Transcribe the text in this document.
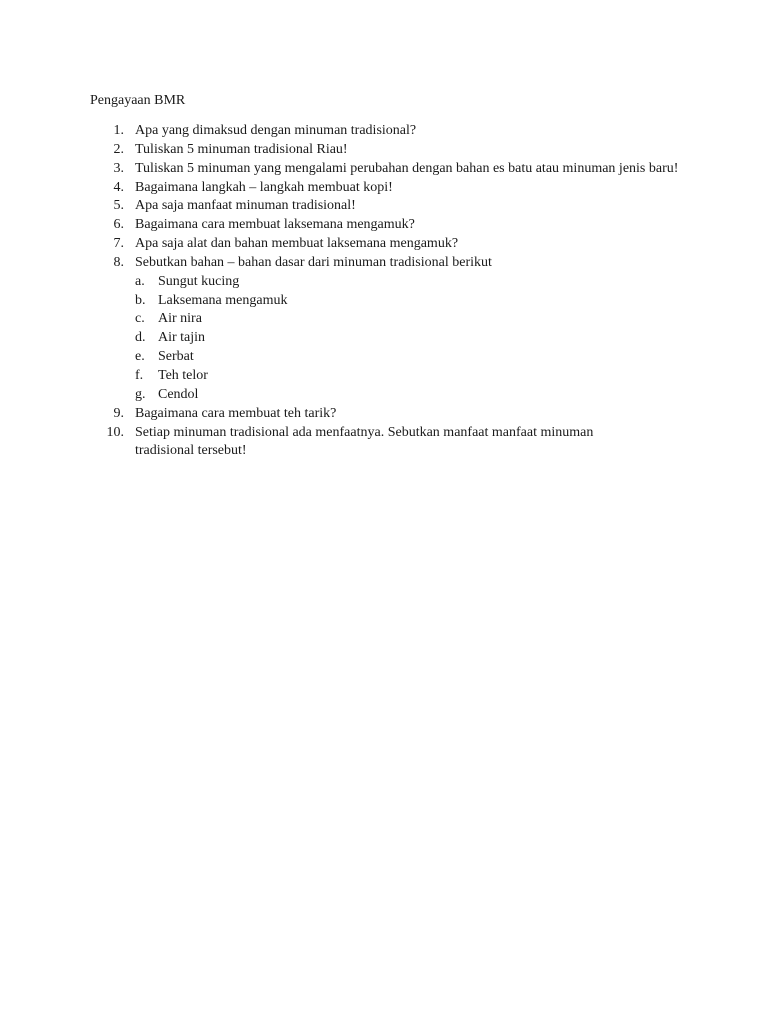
Pengayaan BMR
1. Apa yang dimaksud dengan minuman tradisional?
2. Tuliskan 5 minuman tradisional Riau!
3. Tuliskan 5 minuman yang mengalami perubahan dengan bahan es batu atau minuman jenis baru!
4. Bagaimana langkah – langkah membuat kopi!
5. Apa saja manfaat minuman tradisional!
6. Bagaimana cara membuat laksemana mengamuk?
7. Apa saja alat dan bahan membuat laksemana mengamuk?
8. Sebutkan bahan – bahan dasar dari minuman tradisional berikut
a. Sungut kucing
b. Laksemana mengamuk
c. Air nira
d. Air tajin
e. Serbat
f. Teh telor
g. Cendol
9. Bagaimana cara membuat teh tarik?
10. Setiap minuman tradisional ada menfaatnya. Sebutkan manfaat manfaat minuman tradisional tersebut!
